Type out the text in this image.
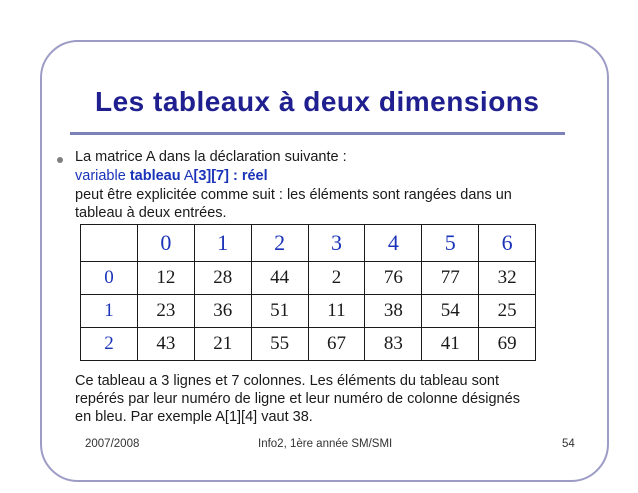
Les tableaux à deux dimensions
La matrice A dans la déclaration suivante :
variable tableau A[3][7] : réel
peut être explicitée comme suit : les éléments sont rangées dans un
tableau à deux entrées.
	0	1	2	3	4	5	6
0	12	28	44	2	76	77	32
1	23	36	51	11	38	54	25
2	43	21	55	67	83	41	69
Ce tableau a 3 lignes et 7 colonnes. Les éléments du tableau sont
repérés par leur numéro de ligne et leur numéro de colonne désignés
en bleu. Par exemple A[1][4] vaut 38.
2007/2008	Info2, 1ère année SM/SMI	54
